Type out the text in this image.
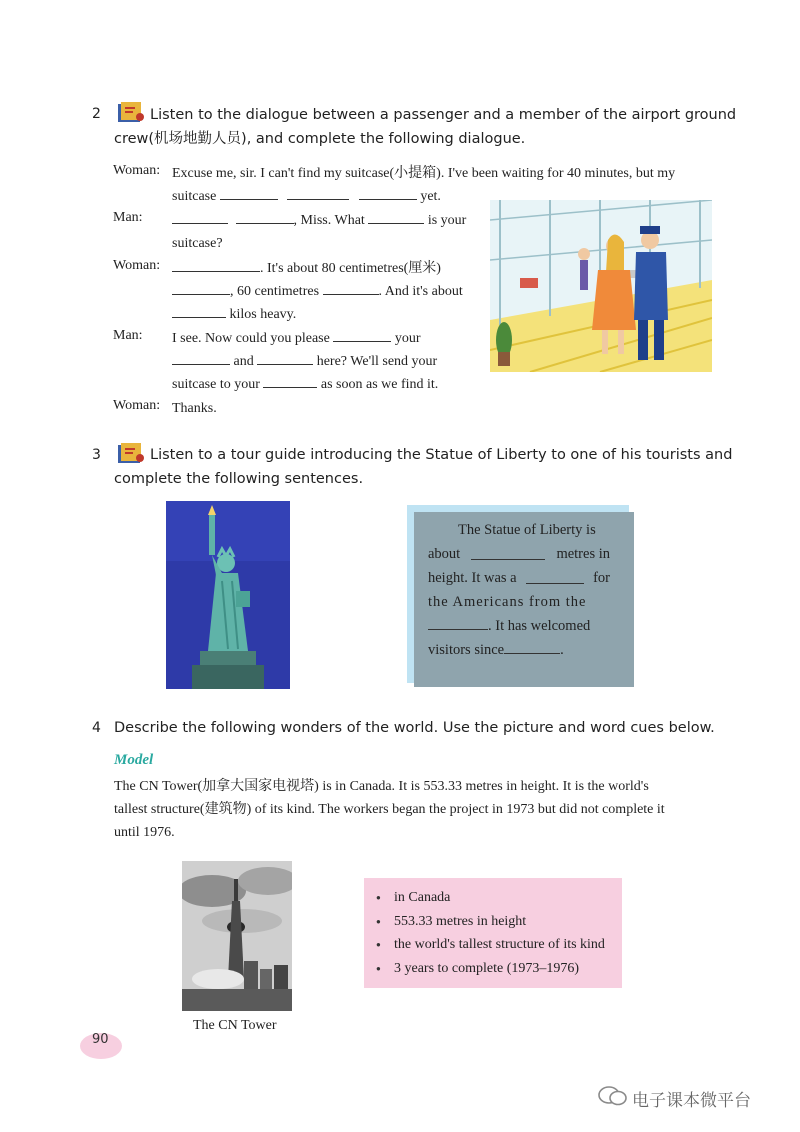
2	Listen to the dialogue between a passenger and a member of the airport ground
crew(机场地勤人员), and complete the following dialogue.
Woman: Excuse me, sir. I can't find my suitcase(小提箱). I've been waiting for 40 minutes, but my
suitcase	yet.
Man:	, Miss. What	is your
suitcase?
Woman:	. It's about 80 centimetres(厘米)
, 60 centimetres	. And it's about
kilos heavy.
Man: I see. Now could you please	your
and	here? We'll send your
suitcase to your	as soon as we find it.
Woman: Thanks.
3	Listen to a tour guide introducing the Statue of Liberty to one of his tourists and
complete the following sentences.
The Statue of Liberty is
about	metres in
height. It was a	for
the Americans from the
. It has welcomed
visitors since	.
4 Describe the following wonders of the world. Use the picture and word cues below.
Model
The CN Tower(加拿大国家电视塔) is in Canada. It is 553.33 metres in height. It is the world's
tallest structure(建筑物) of its kind. The workers began the project in 1973 but did not complete it
until 1976.
The CN Tower
● in Canada
● 553.33 metres in height
● the world's tallest structure of its kind
● 3 years to complete (1973–1976)
90
电子课本微平台
